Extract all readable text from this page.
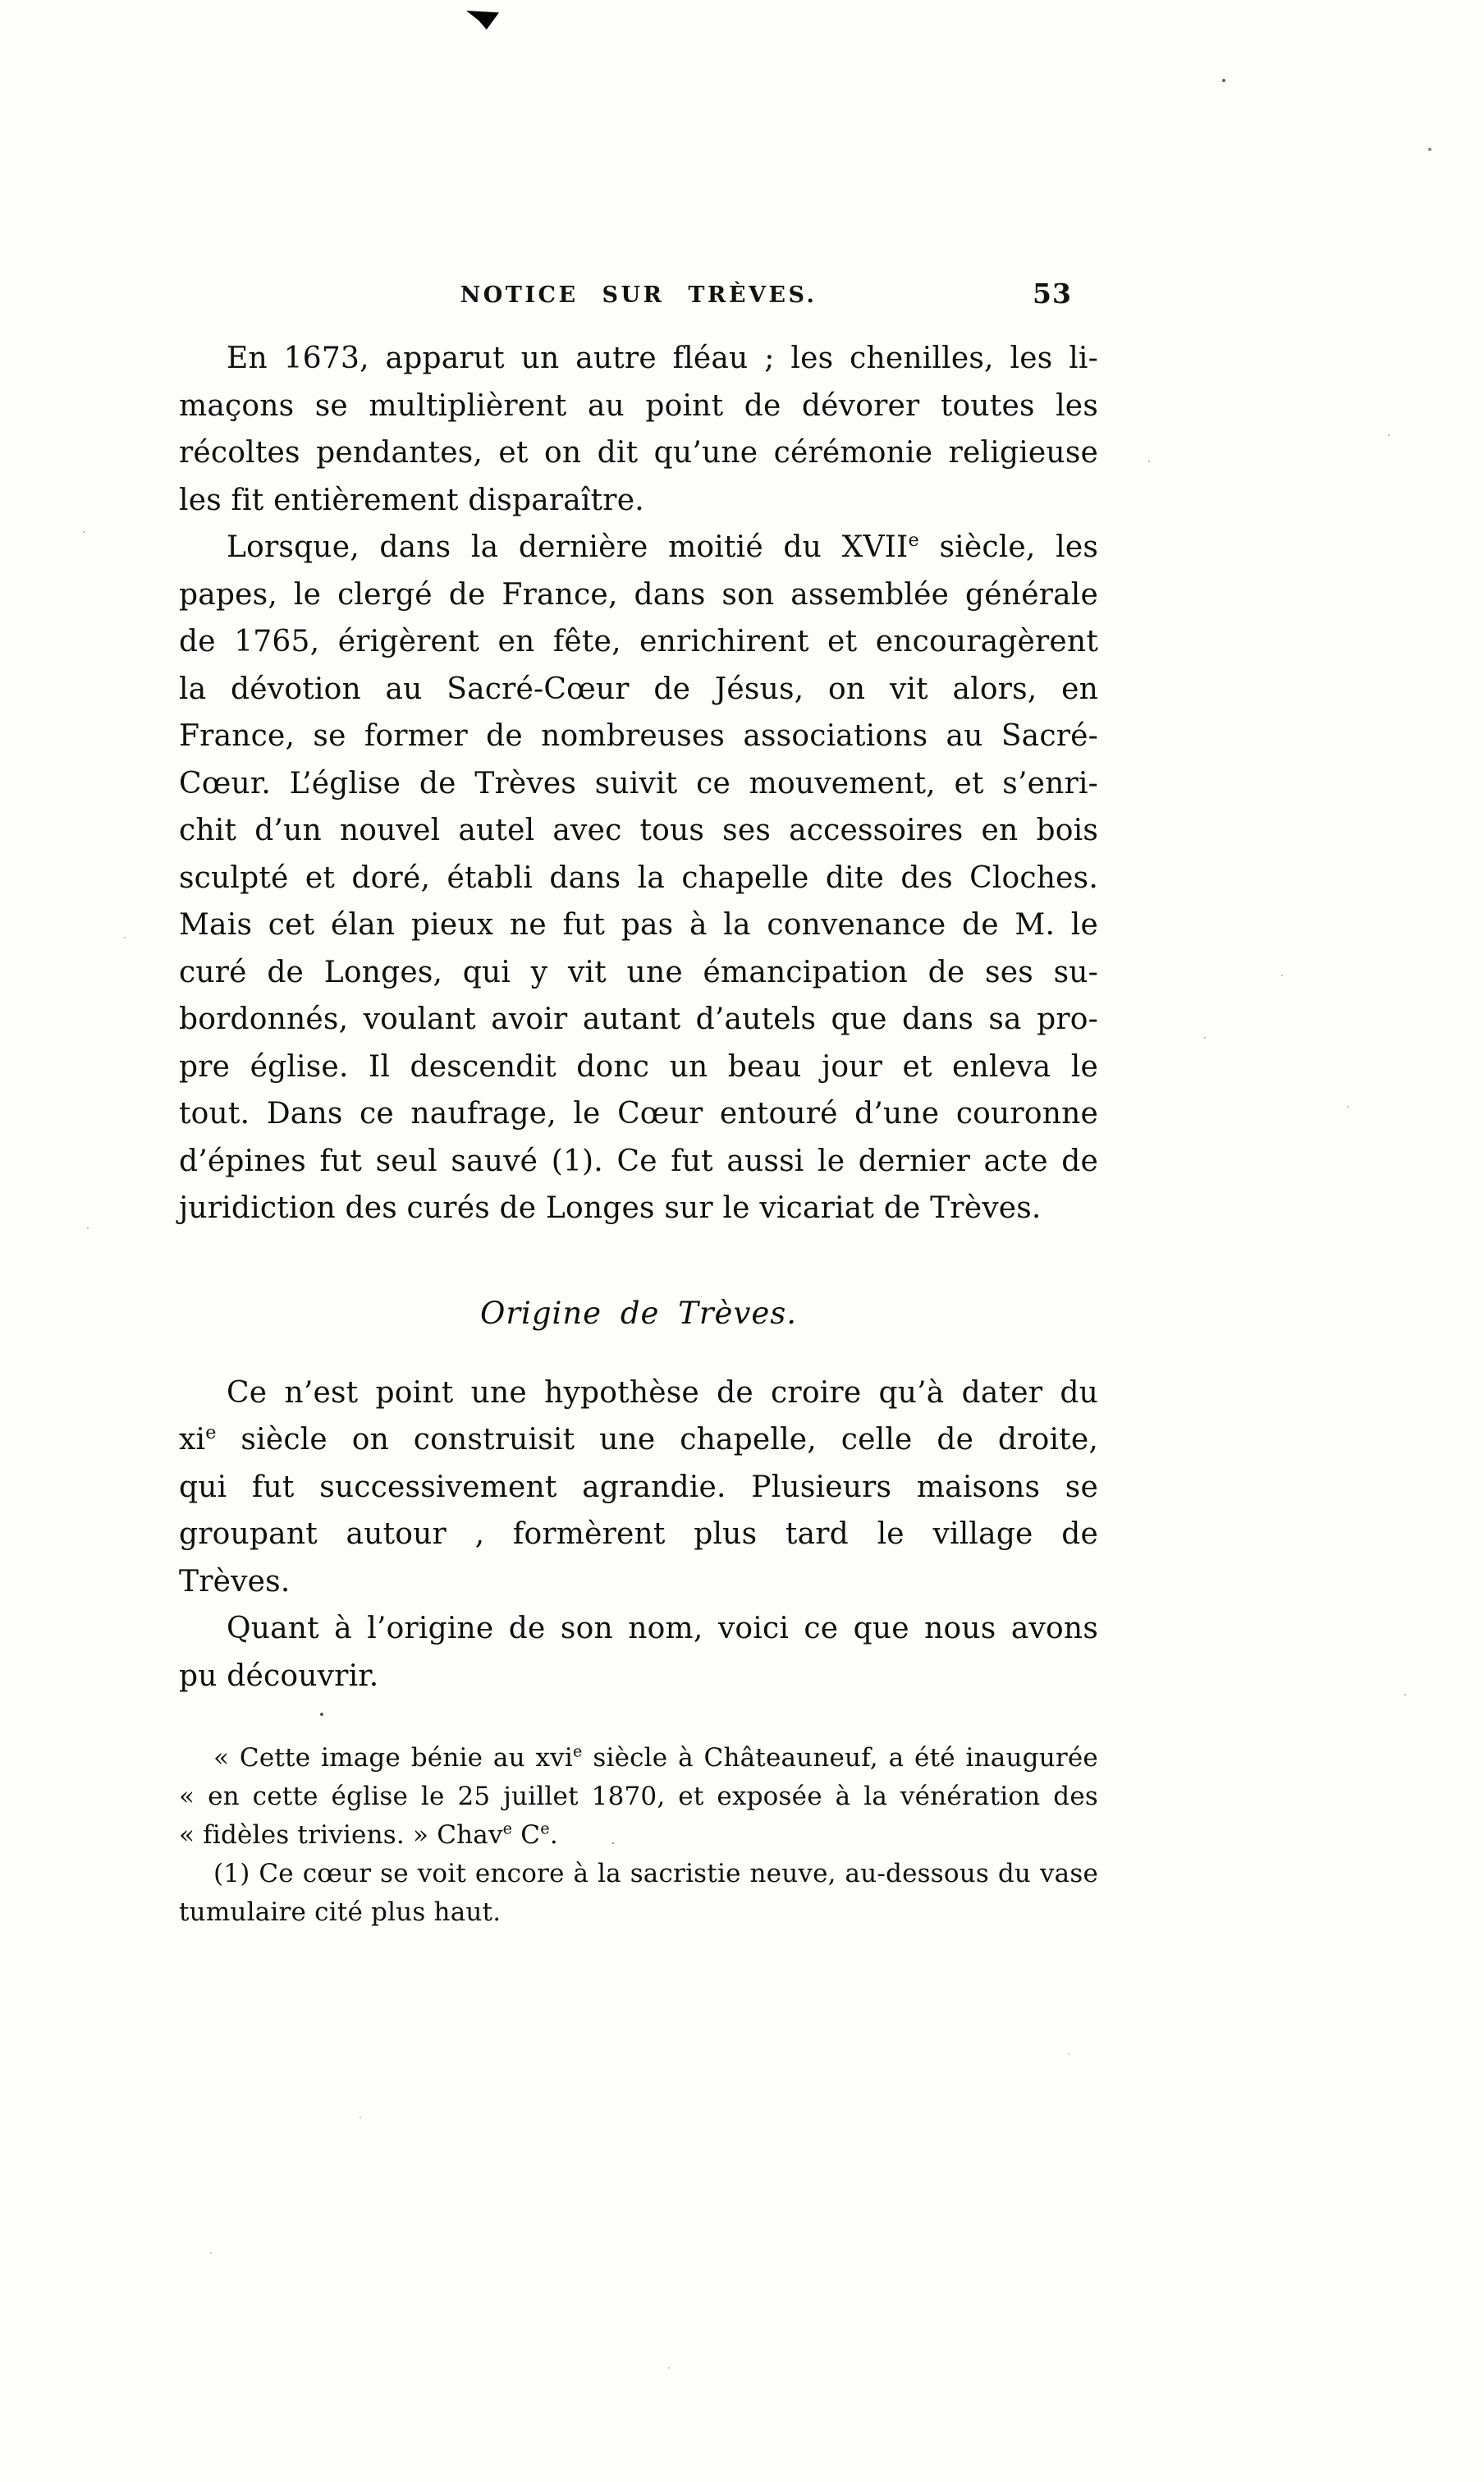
NOTICE SUR TRÈVES.	53
En 1673, apparut un autre fléau ; les chenilles, les li-
maçons se multiplièrent au point de dévorer toutes les
récoltes pendantes, et on dit qu’une cérémonie religieuse
les fit entièrement disparaître.
Lorsque, dans la dernière moitié du XVIIe siècle, les
papes, le clergé de France, dans son assemblée générale
de 1765, érigèrent en fête, enrichirent et encouragèrent
la dévotion au Sacré-Cœur de Jésus, on vit alors, en
France, se former de nombreuses associations au Sacré-
Cœur. L’église de Trèves suivit ce mouvement, et s’enri-
chit d’un nouvel autel avec tous ses accessoires en bois
sculpté et doré, établi dans la chapelle dite des Cloches.
Mais cet élan pieux ne fut pas à la convenance de M. le
curé de Longes, qui y vit une émancipation de ses su-
bordonnés, voulant avoir autant d’autels que dans sa pro-
pre église. Il descendit donc un beau jour et enleva le
tout. Dans ce naufrage, le Cœur entouré d’une couronne
d’épines fut seul sauvé (1). Ce fut aussi le dernier acte de
juridiction des curés de Longes sur le vicariat de Trèves.
Origine de Trèves.
Ce n’est point une hypothèse de croire qu’à dater du
$xi^e$ siècle on construisit une chapelle, celle de droite,
qui fut successivement agrandie. Plusieurs maisons se
groupant autour , formèrent plus tard le village de
Trèves.
Quant à l’origine de son nom, voici ce que nous avons
pu découvrir.
« Cette image bénie au xvi$^e$ siècle à Châteauneuf, a été inaugurée
« en cette église le 25 juillet 1870, et exposée à la vénération des
« fidèles triviens. » Chav$^e$ Ce.
(1) Ce cœur se voit encore à la sacristie neuve, au-dessous du vase
tumulaire cité plus haut.
